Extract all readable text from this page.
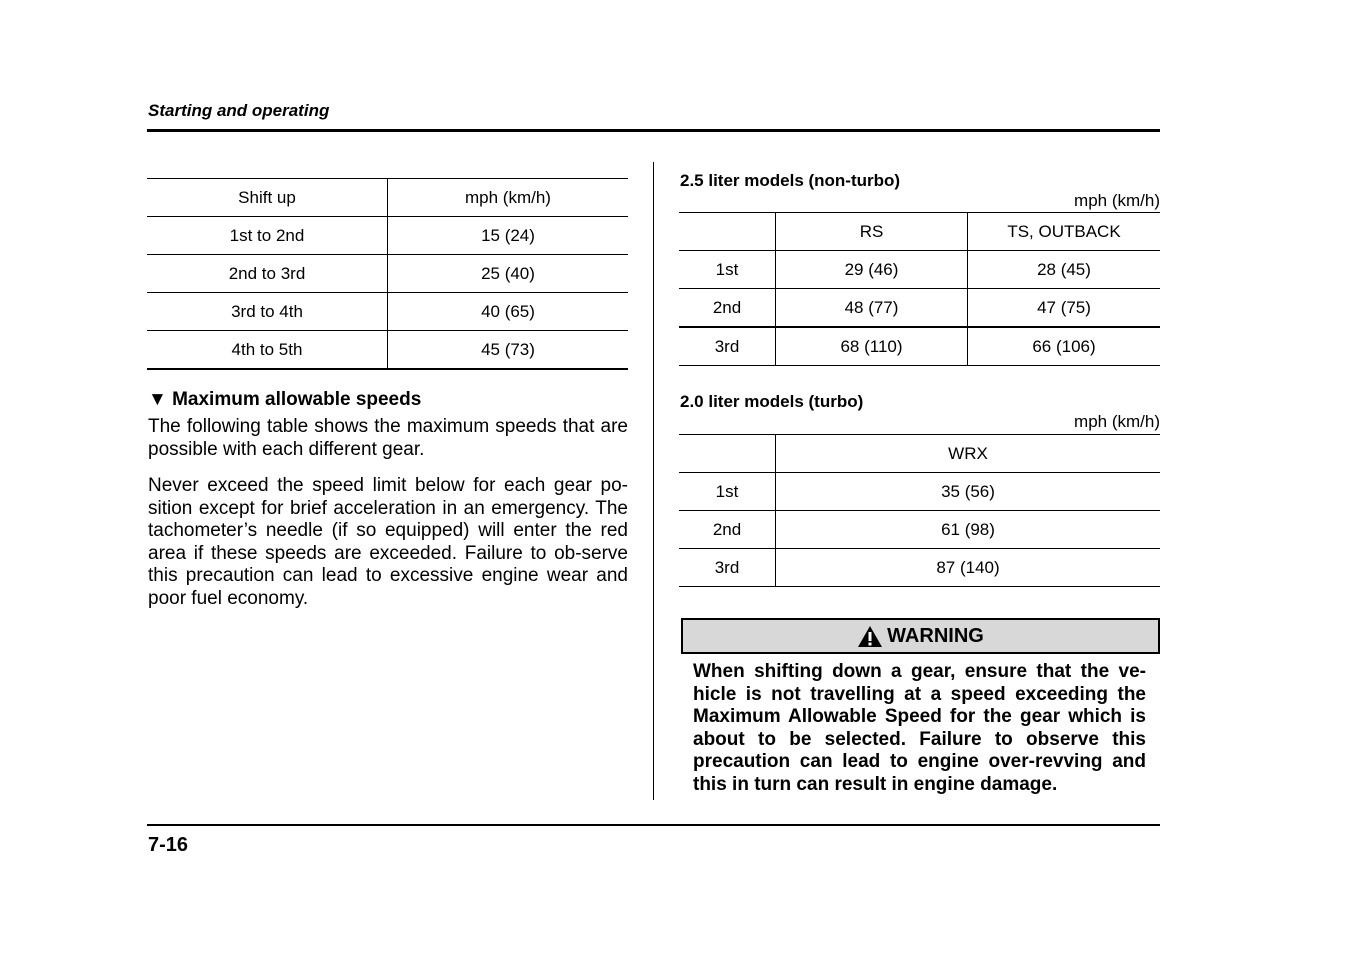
Starting and operating
Shift up	mph (km/h)
1st to 2nd	15 (24)
2nd to 3rd	25 (40)
3rd to 4th	40 (65)
4th to 5th	45 (73)
▼ Maximum allowable speeds

The following table shows the maximum speeds that are possible with each different gear.

Never exceed the speed limit below for each gear po-sition except for brief acceleration in an emergency. The tachometer’s needle (if so equipped) will enter the red area if these speeds are exceeded. Failure to ob-serve this precaution can lead to excessive engine wear and poor fuel economy.

2.5 liter models (non-turbo)
mph (km/h)
	RS	TS, OUTBACK
1st	29 (46)	28 (45)
2nd	48 (77)	47 (75)
3rd	68 (110)	66 (106)
2.0 liter models (turbo)
mph (km/h)
	WRX
1st	35 (56)
2nd	61 (98)
3rd	87 (140)
WARNING

When shifting down a gear, ensure that the ve-hicle is not travelling at a speed exceeding the Maximum Allowable Speed for the gear which is about to be selected. Failure to observe this precaution can lead to engine over-revving and this in turn can result in engine damage.

7-16
